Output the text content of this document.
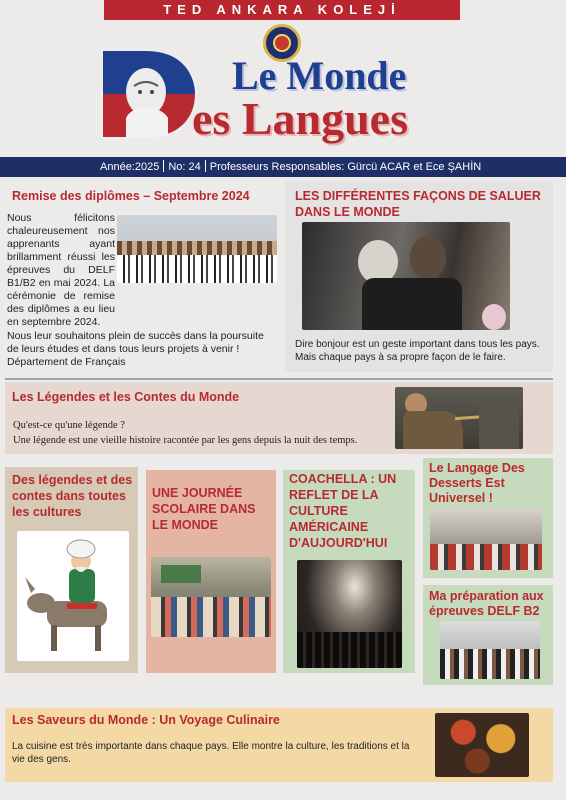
TED ANKARA KOLEJİ
Le Monde
es Langues
Année:2025 No: 24 Professeurs Responsables: Gürcü ACAR et Ece ŞAHİN
Remise des diplômes – Septembre 2024

Nous félicitons chaleureusement nos apprenants ayant brillamment réussi les épreuves du DELF B1/B2 en mai 2024. La cérémonie de remise des diplômes a eu lieu en septembre 2024.

Nous leur souhaitons plein de succès dans la poursuite de leurs études et dans tous leurs projets à venir !

Département de Français

LES DIFFÉRENTES FAÇONS DE SALUER DANS LE MONDE

Dire bonjour est un geste important dans tous les pays. Mais chaque pays à sa propre façon de le faire.

Les Légendes et les Contes du Monde

Qu'est-ce qu'une légende ?

Une légende est une vieille histoire racontée par les gens depuis la nuit des temps.

Des légendes et des contes dans toutes les cultures
UNE JOURNÉE SCOLAIRE DANS LE MONDE
COACHELLA : UN REFLET DE LA CULTURE AMÉRICAINE D'AUJOURD'HUI
Le Langage Des Desserts Est Universel !
Ma préparation aux épreuves DELF B2
Les Saveurs du Monde : Un Voyage Culinaire

La cuisine est très importante dans chaque pays. Elle montre la culture, les traditions et la vie des gens.
